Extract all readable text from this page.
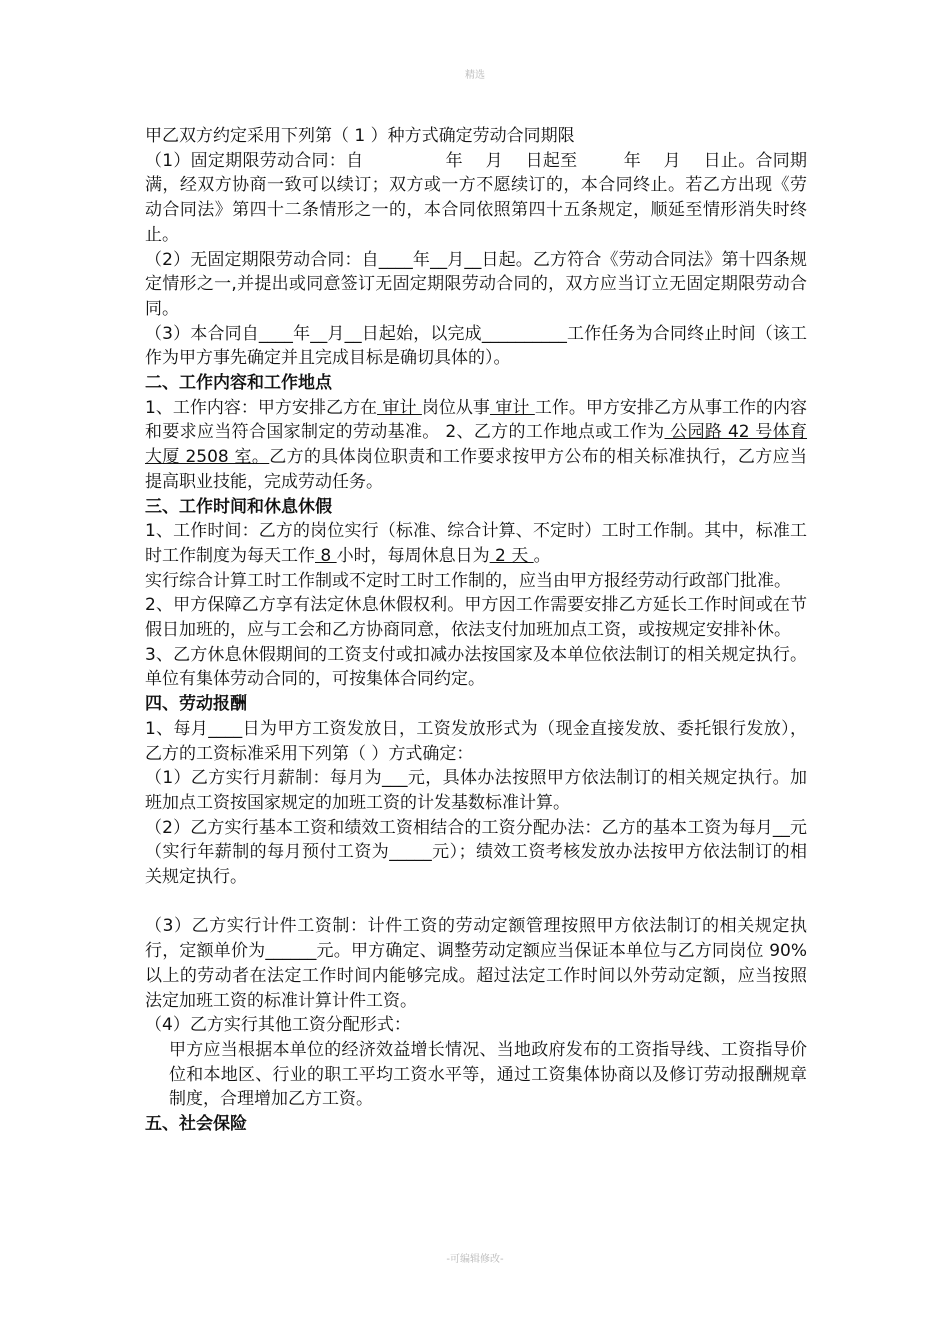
精选

甲乙双方约定采用下列第（ 1 ）种方式确定劳动合同期限

（1）固定期限劳动合同：自	年 月 日起至	年 月 日止。合同期满，经双方协商一致可以续订；双方或一方不愿续订的，本合同终止。若乙方出现《劳动合同法》第四十二条情形之一的，本合同依照第四十五条规定，顺延至情形消失时终止。

（2）无固定期限劳动合同：自____年__月__日起。乙方符合《劳动合同法》第十四条规定情形之一,并提出或同意签订无固定期限劳动合同的，双方应当订立无固定期限劳动合同。

（3）本合同自____年__月__日起始，以完成__________工作任务为合同终止时间（该工作为甲方事先确定并且完成目标是确切具体的）。

二、工作内容和工作地点

1、工作内容：甲方安排乙方在 审计 岗位从事 审计 工作。甲方安排乙方从事工作的内容和要求应当符合国家制定的劳动基准。 2、乙方的工作地点或工作为 公园路 42 号体育大厦 2508 室。乙方的具体岗位职责和工作要求按甲方公布的相关标准执行，乙方应当提高职业技能，完成劳动任务。

三、工作时间和休息休假

1、工作时间：乙方的岗位实行（标准、综合计算、不定时）工时工作制。其中，标准工时工作制度为每天工作 8 小时，每周休息日为 2 天 。

实行综合计算工时工作制或不定时工时工作制的，应当由甲方报经劳动行政部门批准。

2、甲方保障乙方享有法定休息休假权利。甲方因工作需要安排乙方延长工作时间或在节假日加班的，应与工会和乙方协商同意，依法支付加班加点工资，或按规定安排补休。

3、乙方休息休假期间的工资支付或扣减办法按国家及本单位依法制订的相关规定执行。单位有集体劳动合同的，可按集体合同约定。

四、劳动报酬

1、每月____日为甲方工资发放日，工资发放形式为（现金直接发放、委托银行发放），乙方的工资标准采用下列第（ ）方式确定：

（1）乙方实行月薪制：每月为___元，具体办法按照甲方依法制订的相关规定执行。加班加点工资按国家规定的加班工资的计发基数标准计算。

（2）乙方实行基本工资和绩效工资相结合的工资分配办法：乙方的基本工资为每月__元（实行年薪制的每月预付工资为_____元）；绩效工资考核发放办法按甲方依法制订的相关规定执行。

（3）乙方实行计件工资制：计件工资的劳动定额管理按照甲方依法制订的相关规定执行，定额单价为______元。甲方确定、调整劳动定额应当保证本单位与乙方同岗位 90%以上的劳动者在法定工作时间内能够完成。超过法定工作时间以外劳动定额，应当按照法定加班工资的标准计算计件工资。

（4）乙方实行其他工资分配形式：

甲方应当根据本单位的经济效益增长情况、当地政府发布的工资指导线、工资指导价位和本地区、行业的职工平均工资水平等，通过工资集体协商以及修订劳动报酬规章制度，合理增加乙方工资。

五、社会保险

-可编辑修改-
